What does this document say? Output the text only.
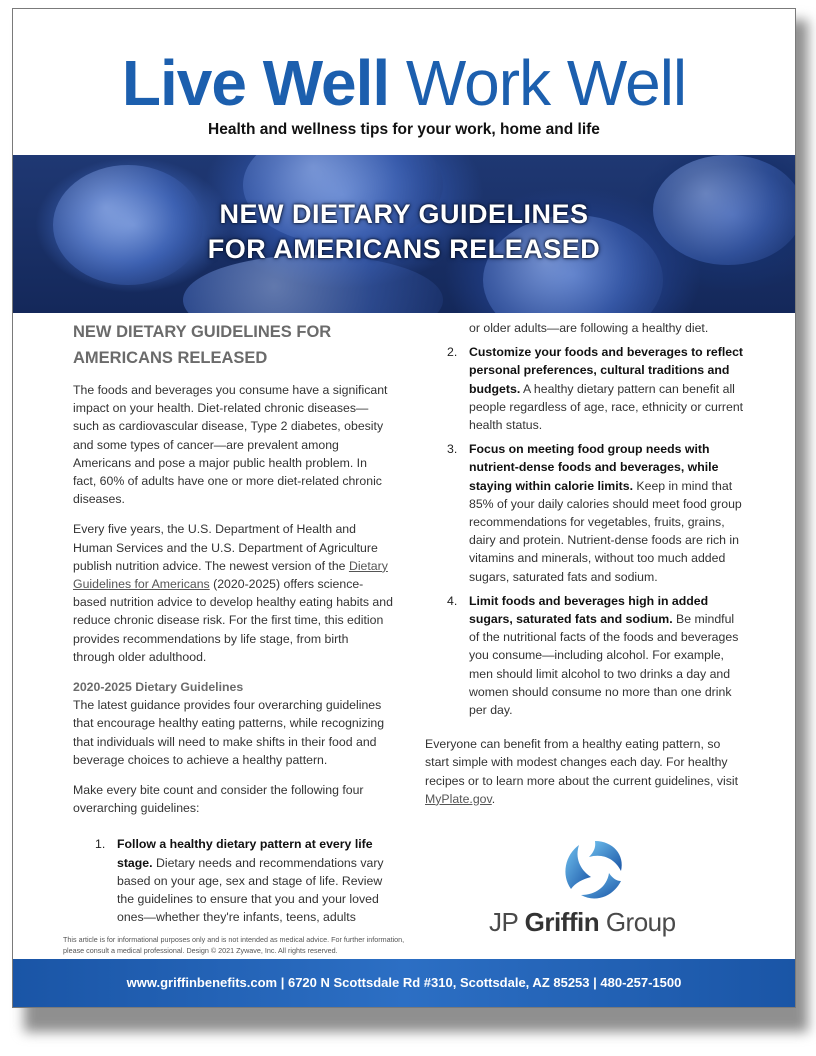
Live Well Work Well
Health and wellness tips for your work, home and life
NEW DIETARY GUIDELINES
FOR AMERICANS RELEASED
NEW DIETARY GUIDELINES FOR
AMERICANS RELEASED

The foods and beverages you consume have a significant impact on your health. Diet-related chronic diseases—such as cardiovascular disease, Type 2 diabetes, obesity and some types of cancer—are prevalent among Americans and pose a major public health problem. In fact, 60% of adults have one or more diet-related chronic diseases.

Every five years, the U.S. Department of Health and Human Services and the U.S. Department of Agriculture publish nutrition advice. The newest version of the Dietary Guidelines for Americans (2020-2025) offers science-based nutrition advice to develop healthy eating habits and reduce chronic disease risk. For the first time, this edition provides recommendations by life stage, from birth through older adulthood.

2020-2025 Dietary Guidelines

The latest guidance provides four overarching guidelines that encourage healthy eating patterns, while recognizing that individuals will need to make shifts in their food and beverage choices to achieve a healthy pattern.

Make every bite count and consider the following four overarching guidelines:

1. Follow a healthy dietary pattern at every life stage. Dietary needs and recommendations vary based on your age, sex and stage of life. Review the guidelines to ensure that you and your loved ones—whether they're infants, teens, adults
or older adults—are following a healthy diet.
2. Customize your foods and beverages to reflect personal preferences, cultural traditions and budgets. A healthy dietary pattern can benefit all people regardless of age, race, ethnicity or current health status.
3. Focus on meeting food group needs with nutrient-dense foods and beverages, while staying within calorie limits. Keep in mind that 85% of your daily calories should meet food group recommendations for vegetables, fruits, grains, dairy and protein. Nutrient-dense foods are rich in vitamins and minerals, without too much added sugars, saturated fats and sodium.
4. Limit foods and beverages high in added sugars, saturated fats and sodium. Be mindful of the nutritional facts of the foods and beverages you consume—including alcohol. For example, men should limit alcohol to two drinks a day and women should consume no more than one drink per day.

Everyone can benefit from a healthy eating pattern, so start simple with modest changes each day. For healthy recipes or to learn more about the current guidelines, visit MyPlate.gov.

JP Griffin Group
This article is for informational purposes only and is not intended as medical advice. For further information,
please consult a medical professional. Design © 2021 Zywave, Inc. All rights reserved.
www.griffinbenefits.com | 6720 N Scottsdale Rd #310, Scottsdale, AZ 85253 | 480-257-1500
